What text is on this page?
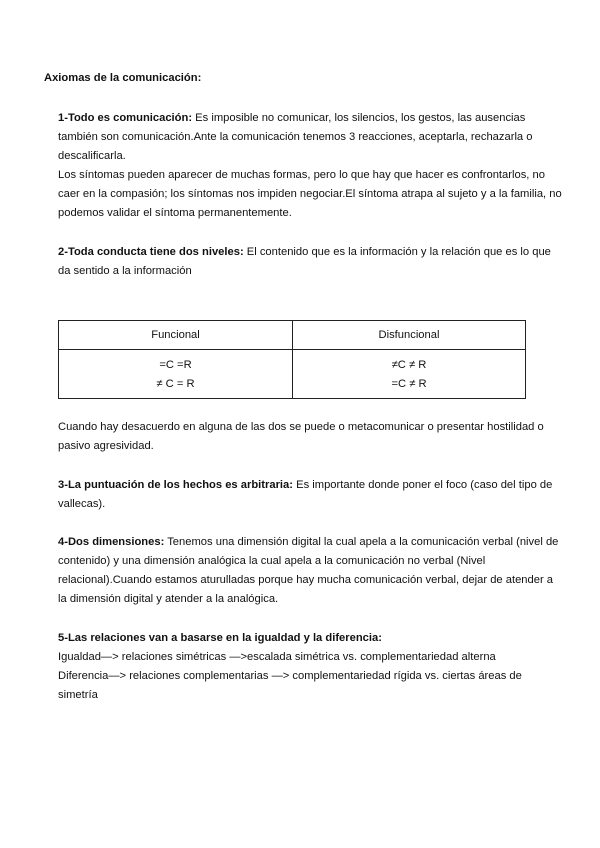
Axiomas de la comunicación:

1-Todo es comunicación: Es imposible no comunicar, los silencios, los gestos, las ausencias

también son comunicación.Ante la comunicación tenemos 3 reacciones, aceptarla, rechazarla o

descalificarla.

Los síntomas pueden aparecer de muchas formas, pero lo que hay que hacer es confrontarlos, no

caer en la compasión; los síntomas nos impiden negociar.El síntoma atrapa al sujeto y a la familia, no

podemos validar el síntoma permanentemente.

2-Toda conducta tiene dos niveles: El contenido que es la información y la relación que es lo que

da sentido a la información

Funcional	Disfuncional
=C =R	≠C ≠ R
≠ C = R	=C ≠ R

Cuando hay desacuerdo en alguna de las dos se puede o metacomunicar o presentar hostilidad o

pasivo agresividad.

3-La puntuación de los hechos es arbitraria: Es importante donde poner el foco (caso del tipo de

vallecas).

4-Dos dimensiones: Tenemos una dimensión digital la cual apela a la comunicación verbal (nivel de

contenido) y una dimensión analógica la cual apela a la comunicación no verbal (Nivel

relacional).Cuando estamos aturulladas porque hay mucha comunicación verbal, dejar de atender a

la dimensión digital y atender a la analógica.

5-Las relaciones van a basarse en la igualdad y la diferencia:

Igualdad—> relaciones simétricas —>escalada simétrica vs. complementariedad alterna

Diferencia—> relaciones complementarias —> complementariedad rígida vs. ciertas áreas de

simetría
